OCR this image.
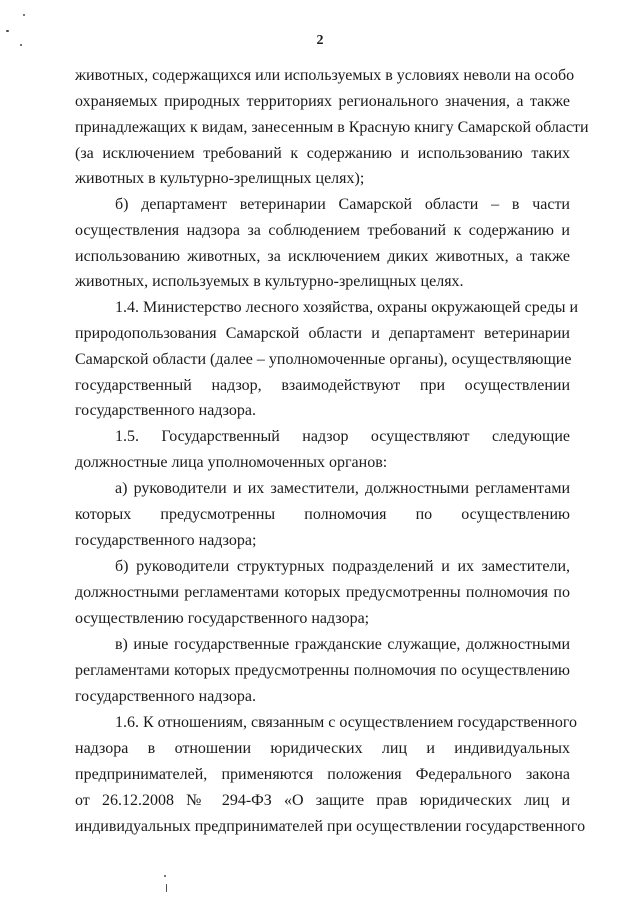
2
животных, содержащихся или используемых в условиях неволи на особо
охраняемых природных территориях регионального значения, а также
принадлежащих к видам, занесенным в Красную книгу Самарской области
(за исключением требований к содержанию и использованию таких
животных в культурно-зрелищных целях);
б) департамент ветеринарии Самарской области – в части
осуществления надзора за соблюдением требований к содержанию и
использованию животных, за исключением диких животных, а также
животных, используемых в культурно-зрелищных целях.
1.4. Министерство лесного хозяйства, охраны окружающей среды и
природопользования Самарской области и департамент ветеринарии
Самарской области (далее – уполномоченные органы), осуществляющие
государственный надзор, взаимодействуют при осуществлении
государственного надзора.
1.5. Государственный надзор осуществляют следующие
должностные лица уполномоченных органов:
а) руководители и их заместители, должностными регламентами
которых предусмотренны полномочия по осуществлению
государственного надзора;
б) руководители структурных подразделений и их заместители,
должностными регламентами которых предусмотренны полномочия по
осуществлению государственного надзора;
в) иные государственные гражданские служащие, должностными
регламентами которых предусмотренны полномочия по осуществлению
государственного надзора.
1.6. К отношениям, связанным с осуществлением государственного
надзора в отношении юридических лиц и индивидуальных
предпринимателей, применяются положения Федерального закона
от 26.12.2008 № 294-ФЗ «О защите прав юридических лиц и
индивидуальных предпринимателей при осуществлении государственного
